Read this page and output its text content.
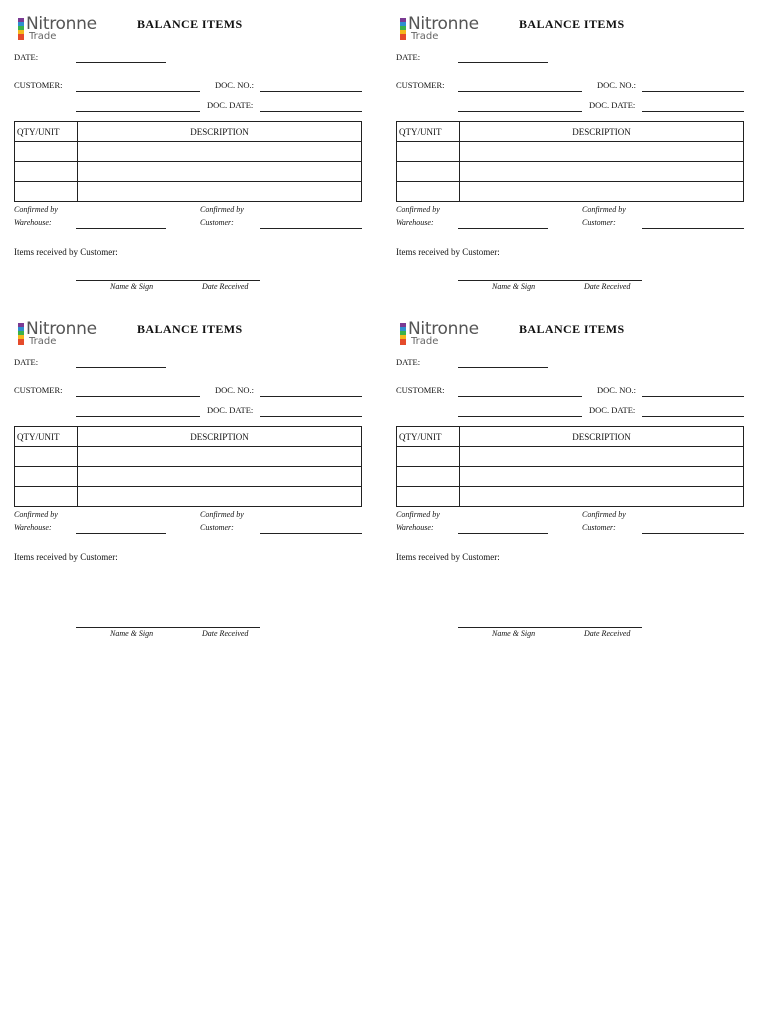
Nitronne
Trade
BALANCE ITEMS
DATE:
CUSTOMER:	DOC. NO.:
DOC. DATE:
QTY/UNIT	DESCRIPTION

Confirmed by
Warehouse:
Confirmed by
Customer:
Items received by Customer:
Name & Sign	Date Received
Nitronne
Trade
BALANCE ITEMS
DATE:
CUSTOMER:	DOC. NO.:
DOC. DATE:
QTY/UNIT	DESCRIPTION

Confirmed by
Warehouse:
Confirmed by
Customer:
Items received by Customer:
Name & Sign	Date Received
Nitronne
Trade
BALANCE ITEMS
DATE:
CUSTOMER:	DOC. NO.:
DOC. DATE:
QTY/UNIT	DESCRIPTION

Confirmed by
Warehouse:
Confirmed by
Customer:
Items received by Customer:
Name & Sign	Date Received
Nitronne
Trade
BALANCE ITEMS
DATE:
CUSTOMER:	DOC. NO.:
DOC. DATE:
QTY/UNIT	DESCRIPTION

Confirmed by
Warehouse:
Confirmed by
Customer:
Items received by Customer:
Name & Sign	Date Received
